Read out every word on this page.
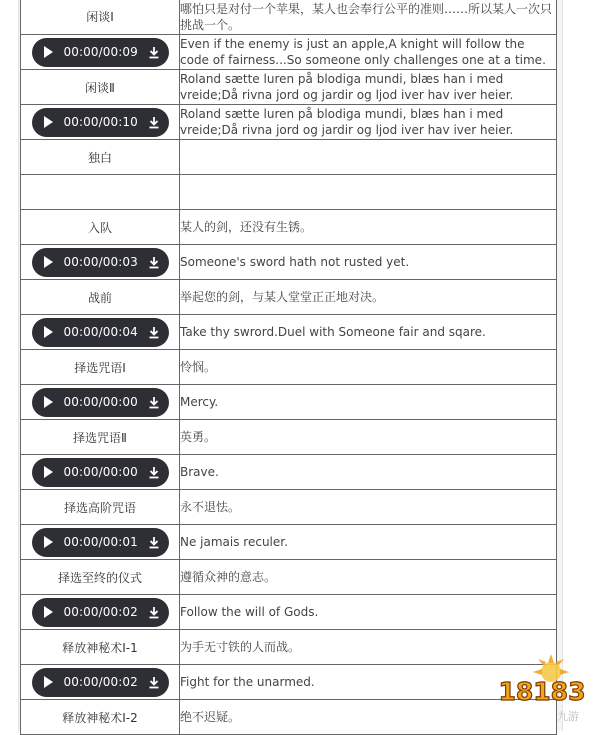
闲谈Ⅰ	哪怕只是对付一个苹果，某人也会奉行公平的准则……所以某人一次只挑战一个。

00:00/00:09	Even if the enemy is just an apple,A knight will follow the code of fairness...So someone only challenges one at a time.
闲谈Ⅱ	Roland sætte luren på blodiga mundi, blæs han i med vreide;Då rivna jord og jardir og ljod iver hav iver heier.

00:00/00:10	Roland sætte luren på blodiga mundi, blæs han i med vreide;Då rivna jord og jardir og ljod iver hav iver heier.
独白	

入队	某人的剑，还没有生锈。

00:00/00:03	Someone's sword hath not rusted yet.
战前	举起您的剑，与某人堂堂正正地对决。

00:00/00:04	Take thy swrord.Duel with Someone fair and sqare.
择选咒语Ⅰ	怜悯。

00:00/00:00	Mercy.
择选咒语Ⅱ	英勇。

00:00/00:00	Brave.
择选高阶咒语	永不退怯。

00:00/00:01	Ne jamais reculer.
择选至终的仪式	遵循众神的意志。

00:00/00:02	Follow the will of Gods.
释放神秘术Ⅰ-1	为手无寸铁的人而战。

00:00/00:02	Fight for the unarmed.
释放神秘术Ⅰ-2	绝不迟疑。
18183
九游
